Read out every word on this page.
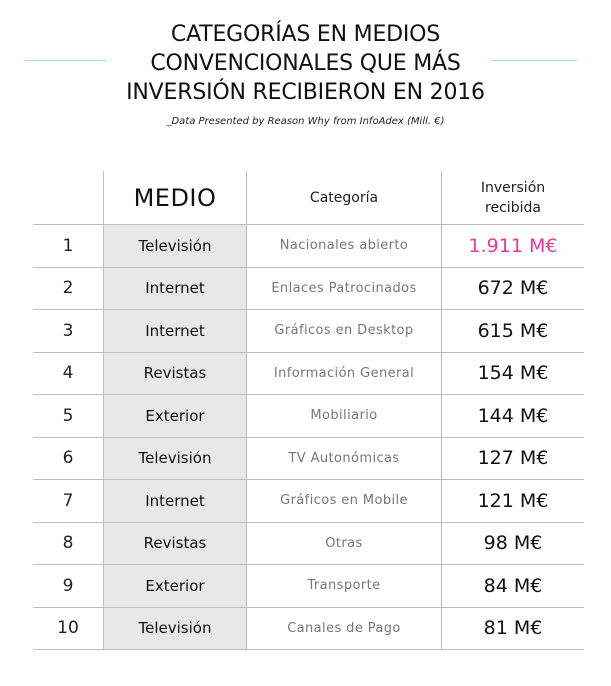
CATEGORÍAS EN MEDIOS
CONVENCIONALES QUE MÁS
INVERSIÓN RECIBIERON EN 2016
_Data Presented by Reason Why from InfoAdex (Mill. €)
	MEDIO	Categoría	Inversión recibida

1	Televisión	Nacionales abierto	1.911 M€
2	Internet	Enlaces Patrocinados	672 M€
3	Internet	Gráficos en Desktop	615 M€
4	Revistas	Información General	154 M€
5	Exterior	Mobiliario	144 M€
6	Televisión	TV Autonómicas	127 M€
7	Internet	Gráficos en Mobile	121 M€
8	Revistas	Otras	98 M€
9	Exterior	Transporte	84 M€
10	Televisión	Canales de Pago	81 M€
